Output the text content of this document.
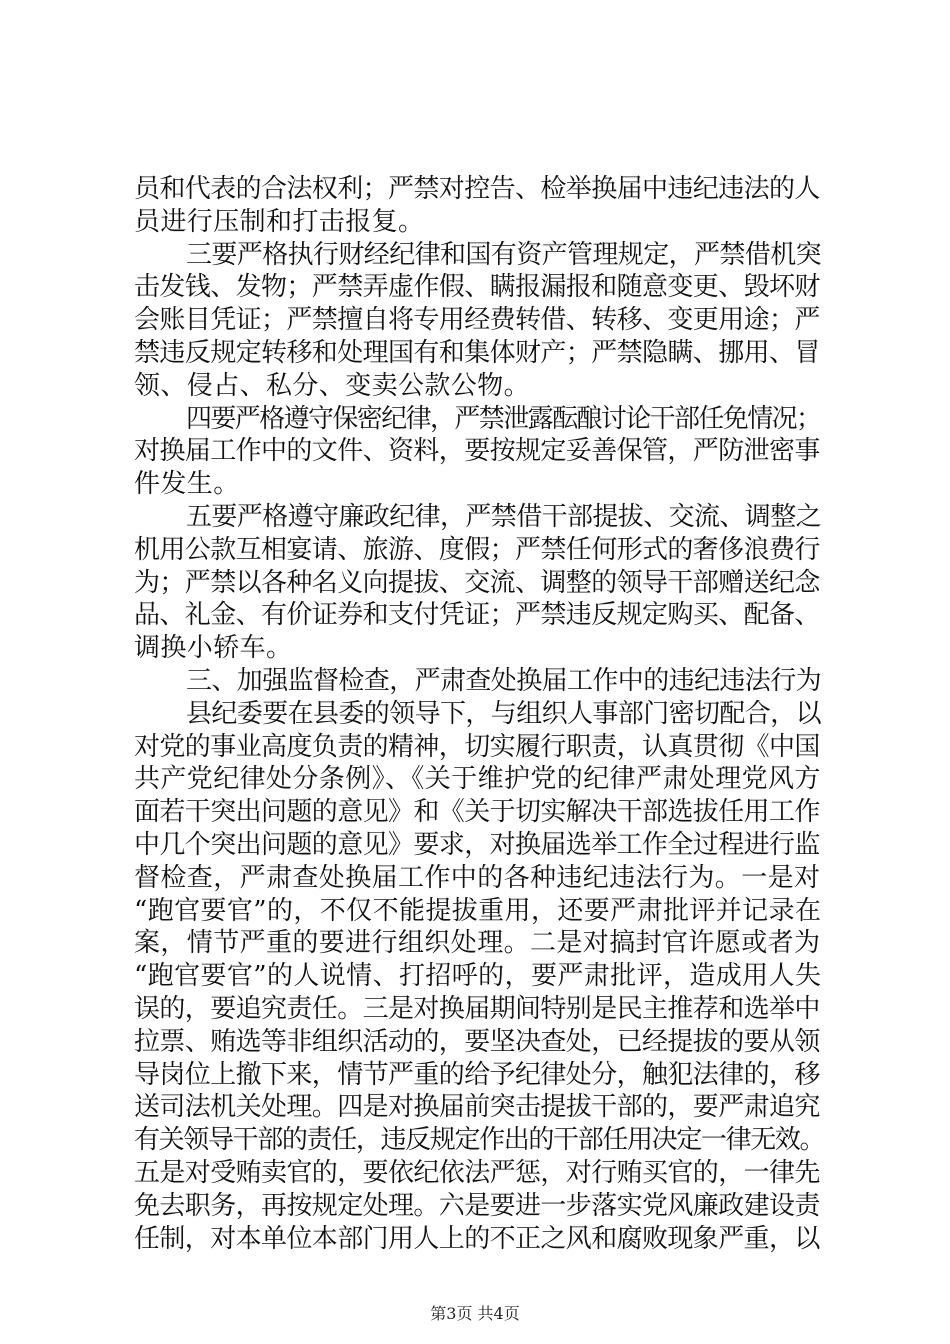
员和代表的合法权利；严禁对控告、检举换届中违纪违法的人
员进行压制和打击报复。
三要严格执行财经纪律和国有资产管理规定，严禁借机突
击发钱、发物；严禁弄虚作假、瞒报漏报和随意变更、毁坏财
会账目凭证；严禁擅自将专用经费转借、转移、变更用途；严
禁违反规定转移和处理国有和集体财产；严禁隐瞒、挪用、冒
领、侵占、私分、变卖公款公物。
四要严格遵守保密纪律，严禁泄露酝酿讨论干部任免情况；
对换届工作中的文件、资料，要按规定妥善保管，严防泄密事
件发生。
五要严格遵守廉政纪律，严禁借干部提拔、交流、调整之
机用公款互相宴请、旅游、度假；严禁任何形式的奢侈浪费行
为；严禁以各种名义向提拔、交流、调整的领导干部赠送纪念
品、礼金、有价证券和支付凭证；严禁违反规定购买、配备、
调换小轿车。
三、加强监督检查，严肃查处换届工作中的违纪违法行为
县纪委要在县委的领导下，与组织人事部门密切配合，以
对党的事业高度负责的精神，切实履行职责，认真贯彻《中国
共产党纪律处分条例》、《关于维护党的纪律严肃处理党风方
面若干突出问题的意见》和《关于切实解决干部选拔任用工作
中几个突出问题的意见》要求，对换届选举工作全过程进行监
督检查，严肃查处换届工作中的各种违纪违法行为。一是对
“跑官要官”的，不仅不能提拔重用，还要严肃批评并记录在
案，情节严重的要进行组织处理。二是对搞封官许愿或者为
“跑官要官”的人说情、打招呼的，要严肃批评，造成用人失
误的，要追究责任。三是对换届期间特别是民主推荐和选举中
拉票、贿选等非组织活动的，要坚决查处，已经提拔的要从领
导岗位上撤下来，情节严重的给予纪律处分，触犯法律的，移
送司法机关处理。四是对换届前突击提拔干部的，要严肃追究
有关领导干部的责任，违反规定作出的干部任用决定一律无效。
五是对受贿卖官的，要依纪依法严惩，对行贿买官的，一律先
免去职务，再按规定处理。六是要进一步落实党风廉政建设责
任制，对本单位本部门用人上的不正之风和腐败现象严重，以
第3页 共4页
